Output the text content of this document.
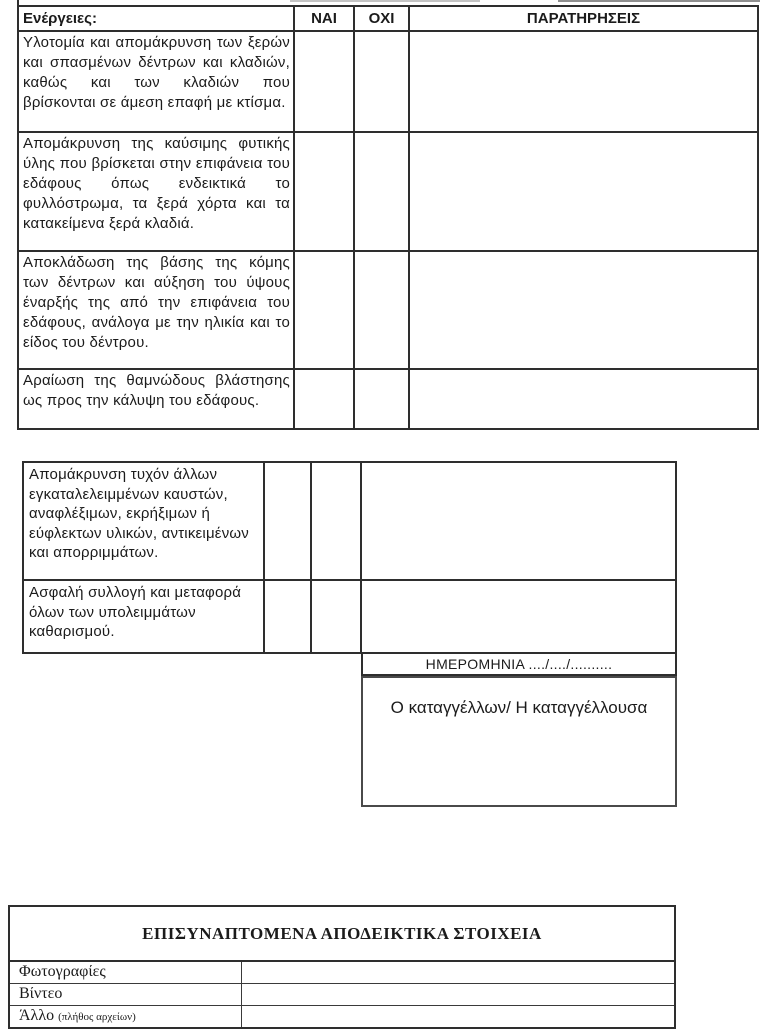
Ενέργειες:	ΝΑΙ	ΟΧΙ	ΠΑΡΑΤΗΡΗΣΕΙΣ
Υλοτομία και απομάκρυνση των ξερών και σπασμένων δέντρων και κλαδιών, καθώς και των κλαδιών που βρίσκονται σε άμεση επαφή με κτίσμα.			
Απομάκρυνση της καύσιμης φυτικής ύλης που βρίσκεται στην επιφάνεια του εδάφους όπως ενδεικτικά το φυλλόστρωμα, τα ξερά χόρτα και τα κατακείμενα ξερά κλαδιά.			
Αποκλάδωση της βάσης της κόμης των δέντρων και αύξηση του ύψους έναρξής της από την επιφάνεια του εδάφους, ανάλογα με την ηλικία και το είδος του δέντρου.			
Αραίωση της θαμνώδους βλάστησης ως προς την κάλυψη του εδάφους.			
Απομάκρυνση τυχόν άλλων εγκαταλελειμμένων καυστών, αναφλέξιμων, εκρήξιμων ή εύφλεκτων υλικών, αντικειμένων και απορριμμάτων.			
Ασφαλή συλλογή και μεταφορά όλων των υπολειμμάτων καθαρισμού.			
ΗΜΕΡΟΜΗΝΙΑ ..../..../..........
Ο καταγγέλλων/ Η καταγγέλλουσα
ΕΠΙΣΥΝΑΠΤΟΜΕΝΑ ΑΠΟΔΕΙΚΤΙΚΑ ΣΤΟΙΧΕΙΑ	
Φωτογραφίες	
Βίντεο	
Άλλο (πλήθος αρχείων)	
